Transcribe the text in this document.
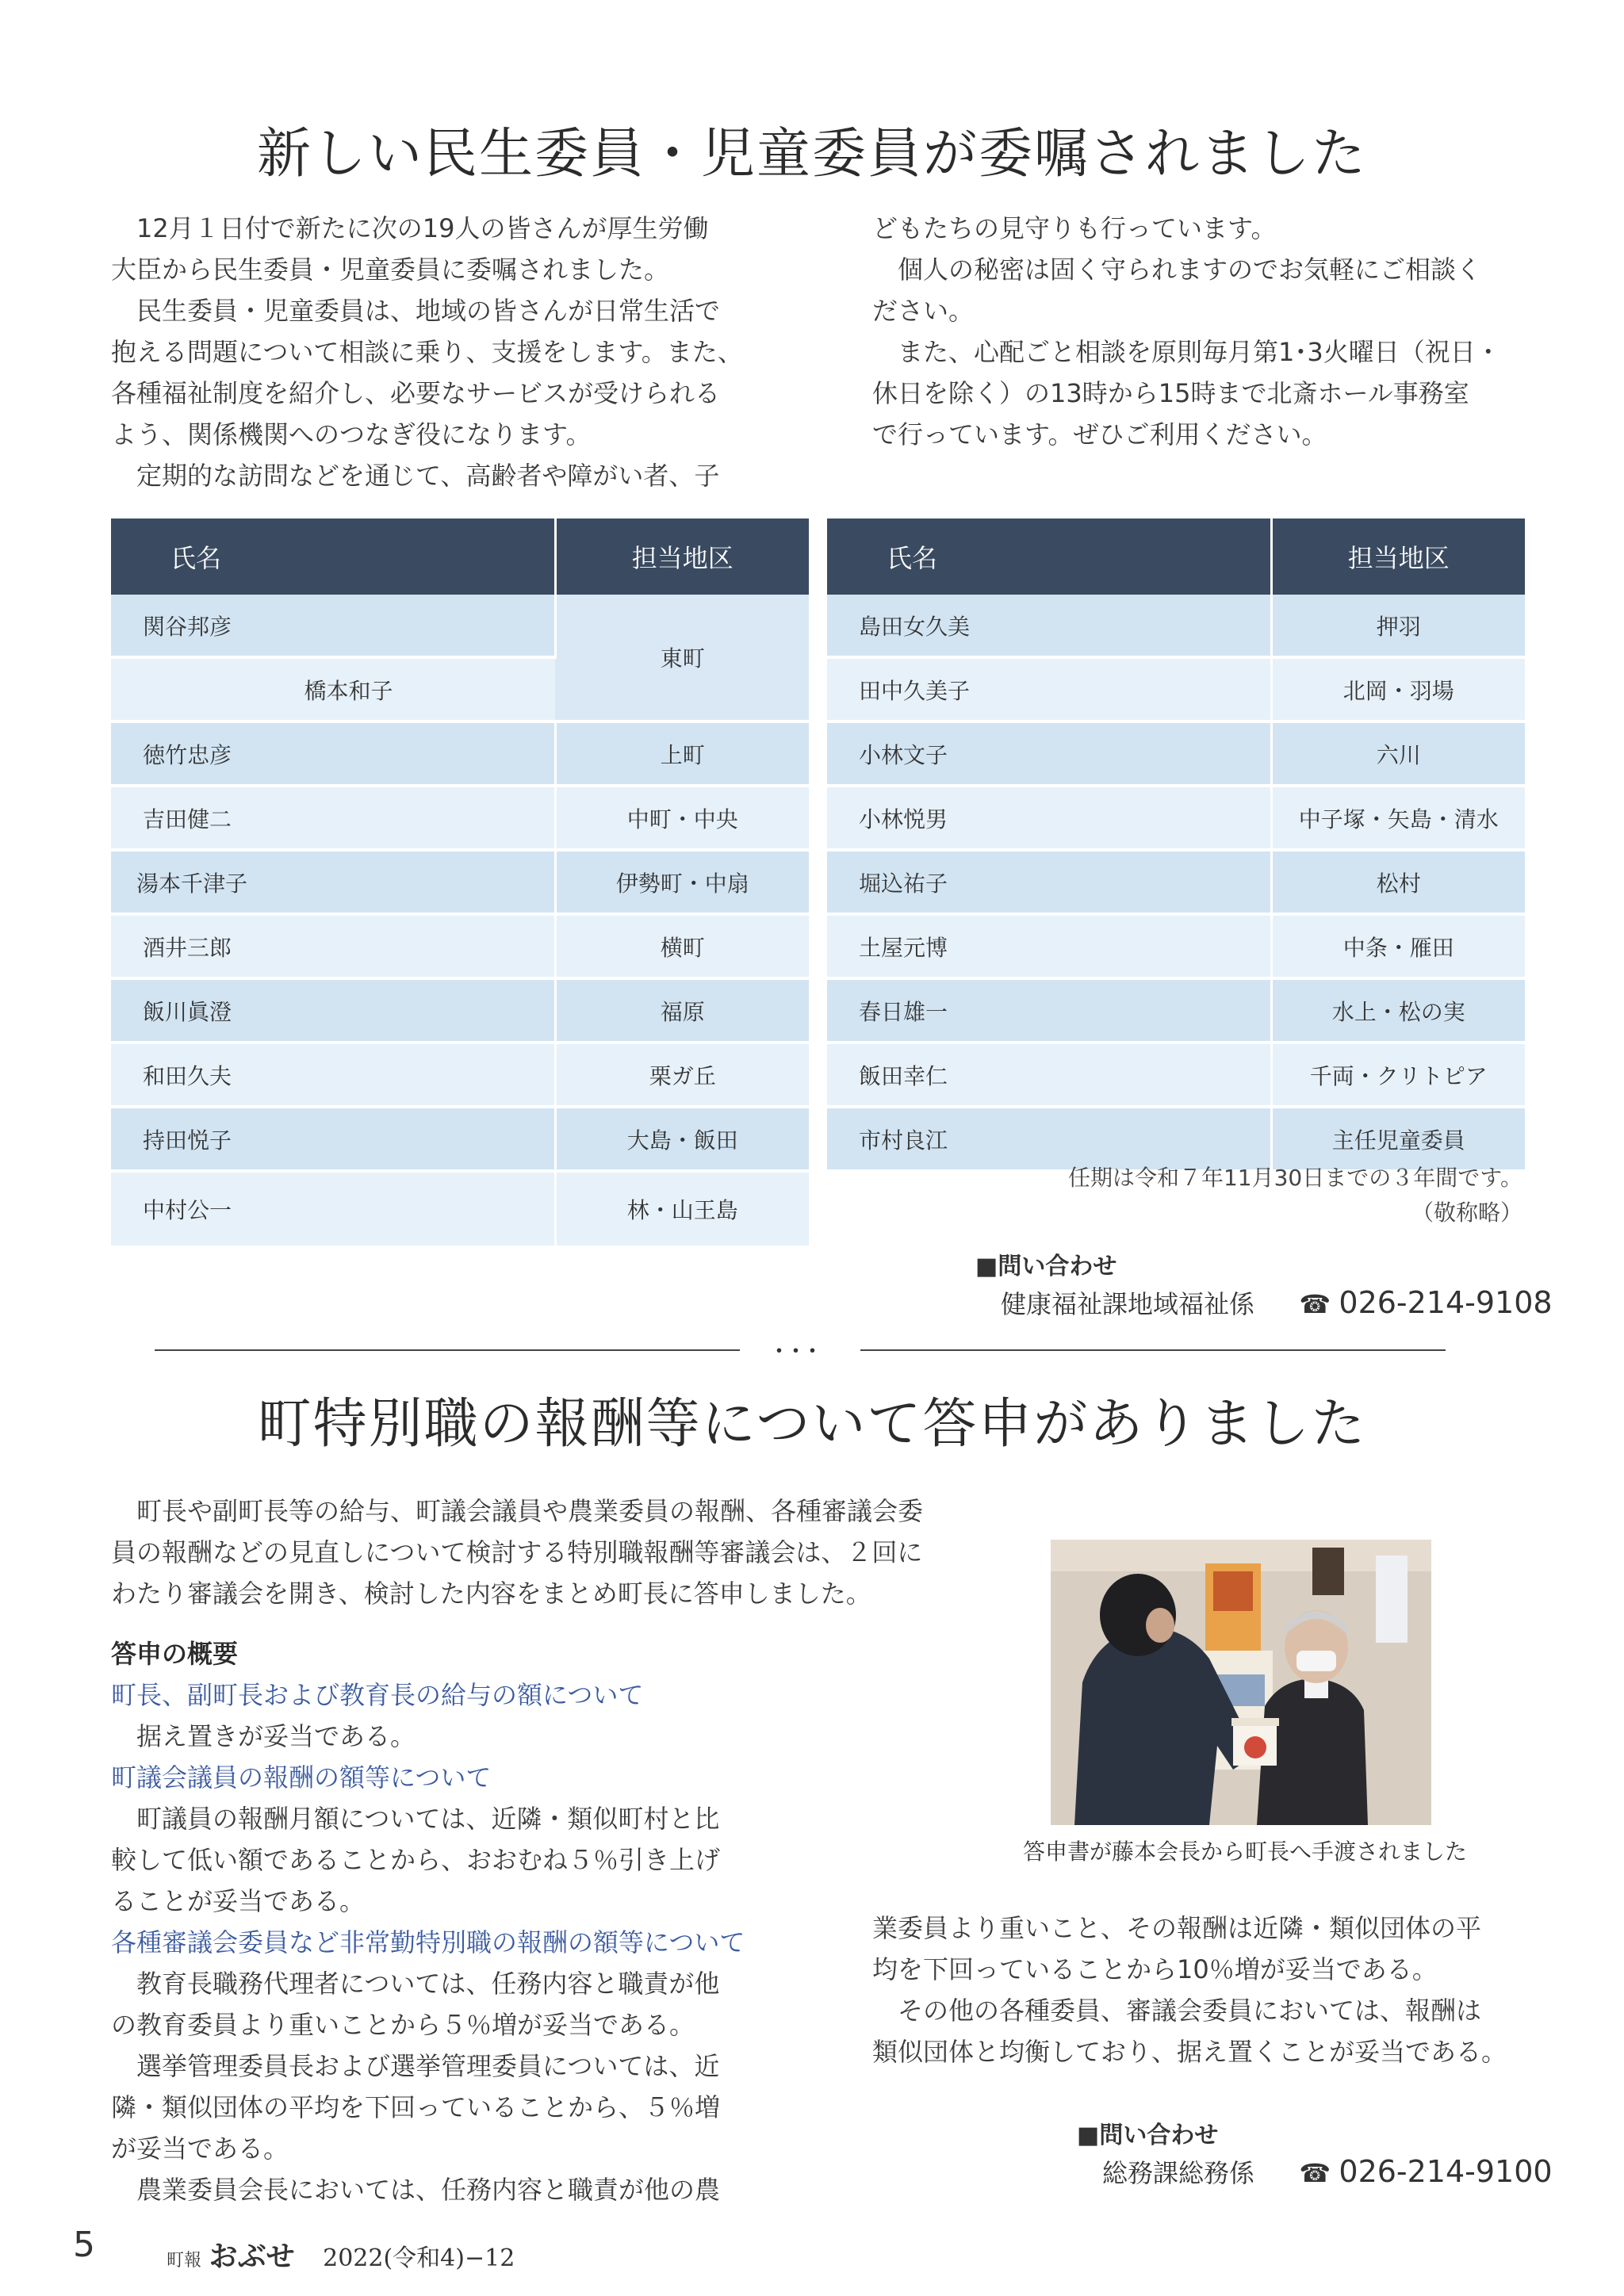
新しい民生委員・児童委員が委嘱されました
12月１日付で新たに次の19人の皆さんが厚生労働
大臣から民生委員・児童委員に委嘱されました。
民生委員・児童委員は、地域の皆さんが日常生活で
抱える問題について相談に乗り、支援をします。また、
各種福祉制度を紹介し、必要なサービスが受けられる
よう、関係機関へのつなぎ役になります。
定期的な訪問などを通じて、高齢者や障がい者、子
どもたちの見守りも行っています。
個人の秘密は固く守られますのでお気軽にご相談く
ださい。
また、心配ごと相談を原則毎月第1･3火曜日（祝日・
休日を除く）の13時から15時まで北斎ホール事務室
で行っています。ぜひご利用ください。
氏名	担当地区
関谷邦彦	東町
橋本和子	
徳竹忠彦	上町
吉田健二	中町・中央
湯本千津子	伊勢町・中扇
酒井三郎	横町
飯川眞澄	福原
和田久夫	栗ガ丘
持田悦子	大島・飯田
中村公一	林・山王島
氏名	担当地区
島田女久美	押羽
田中久美子	北岡・羽場
小林文子	六川
小林悦男	中子塚・矢島・清水
堀込祐子	松村
土屋元博	中条・雁田
春日雄一	水上・松の実
飯田幸仁	千両・クリトピア
市村良江	主任児童委員
任期は令和７年11月30日までの３年間です。
（敬称略）
■問い合わせ
健康福祉課地域福祉係 ☎ 026-214-9108
･･･
町特別職の報酬等について答申がありました
町長や副町長等の給与、町議会議員や農業委員の報酬、各種審議会委
員の報酬などの見直しについて検討する特別職報酬等審議会は、２回に
わたり審議会を開き、検討した内容をまとめ町長に答申しました。
答申の概要
町長、副町長および教育長の給与の額について
据え置きが妥当である。
町議会議員の報酬の額等について
町議員の報酬月額については、近隣・類似町村と比
較して低い額であることから、おおむね５％引き上げ
ることが妥当である。
各種審議会委員など非常勤特別職の報酬の額等について
教育長職務代理者については、任務内容と職責が他
の教育委員より重いことから５％増が妥当である。
選挙管理委員長および選挙管理委員については、近
隣・類似団体の平均を下回っていることから、５％増
が妥当である。
農業委員会長においては、任務内容と職責が他の農
答申書が藤本会長から町長へ手渡されました
業委員より重いこと、その報酬は近隣・類似団体の平
均を下回っていることから10％増が妥当である。
その他の各種委員、審議会委員においては、報酬は
類似団体と均衡しており、据え置くことが妥当である。
■問い合わせ
総務課総務係 ☎ 026-214-9100
5	町報 おぶせ 2022(令和4)−12
